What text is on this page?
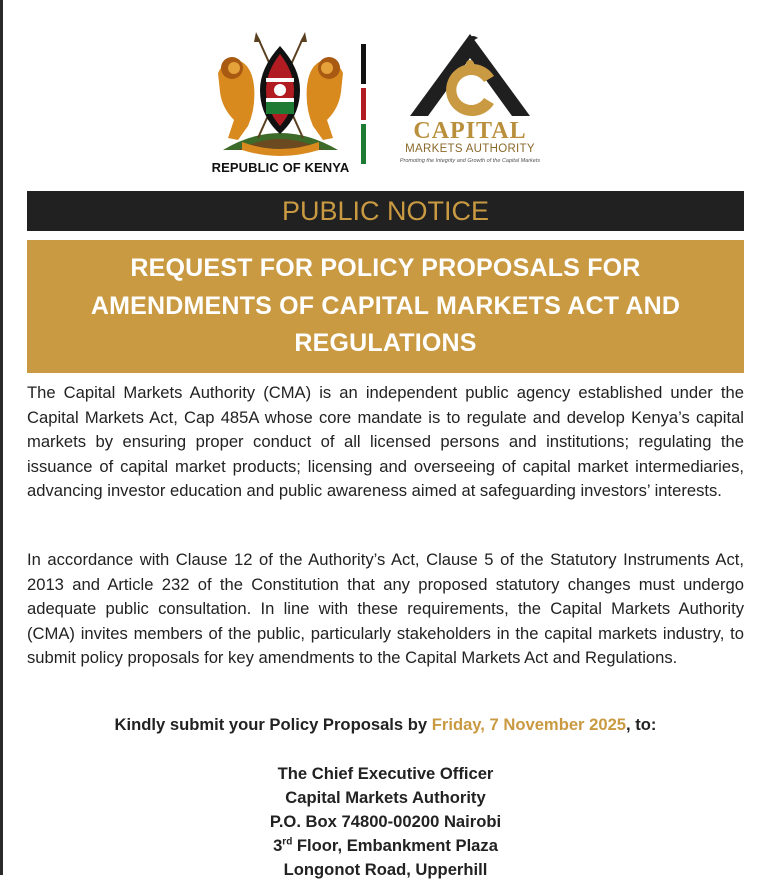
REPUBLIC OF KENYA
CAPITAL
MARKETS AUTHORITY
Promoting the Integrity and Growth of the Capital Markets
PUBLIC NOTICE
REQUEST FOR POLICY PROPOSALS FOR
AMENDMENTS OF CAPITAL MARKETS ACT AND
REGULATIONS

The Capital Markets Authority (CMA) is an independent public agency established under the Capital Markets Act, Cap 485A whose core mandate is to regulate and develop Kenya’s capital markets by ensuring proper conduct of all licensed persons and institutions; regulating the issuance of capital market products; licensing and overseeing of capital market intermediaries, advancing investor education and public awareness aimed at safeguarding investors’ interests.

In accordance with Clause 12 of the Authority’s Act, Clause 5 of the Statutory Instruments Act, 2013 and Article 232 of the Constitution that any proposed statutory changes must undergo adequate public consultation. In line with these requirements, the Capital Markets Authority (CMA) invites members of the public, particularly stakeholders in the capital markets industry, to submit policy proposals for key amendments to the Capital Markets Act and Regulations.

Kindly submit your Policy Proposals by Friday, 7 November 2025, to:
The Chief Executive Officer
Capital Markets Authority
P.O. Box 74800-00200 Nairobi
3rd Floor, Embankment Plaza
Longonot Road, Upperhill
